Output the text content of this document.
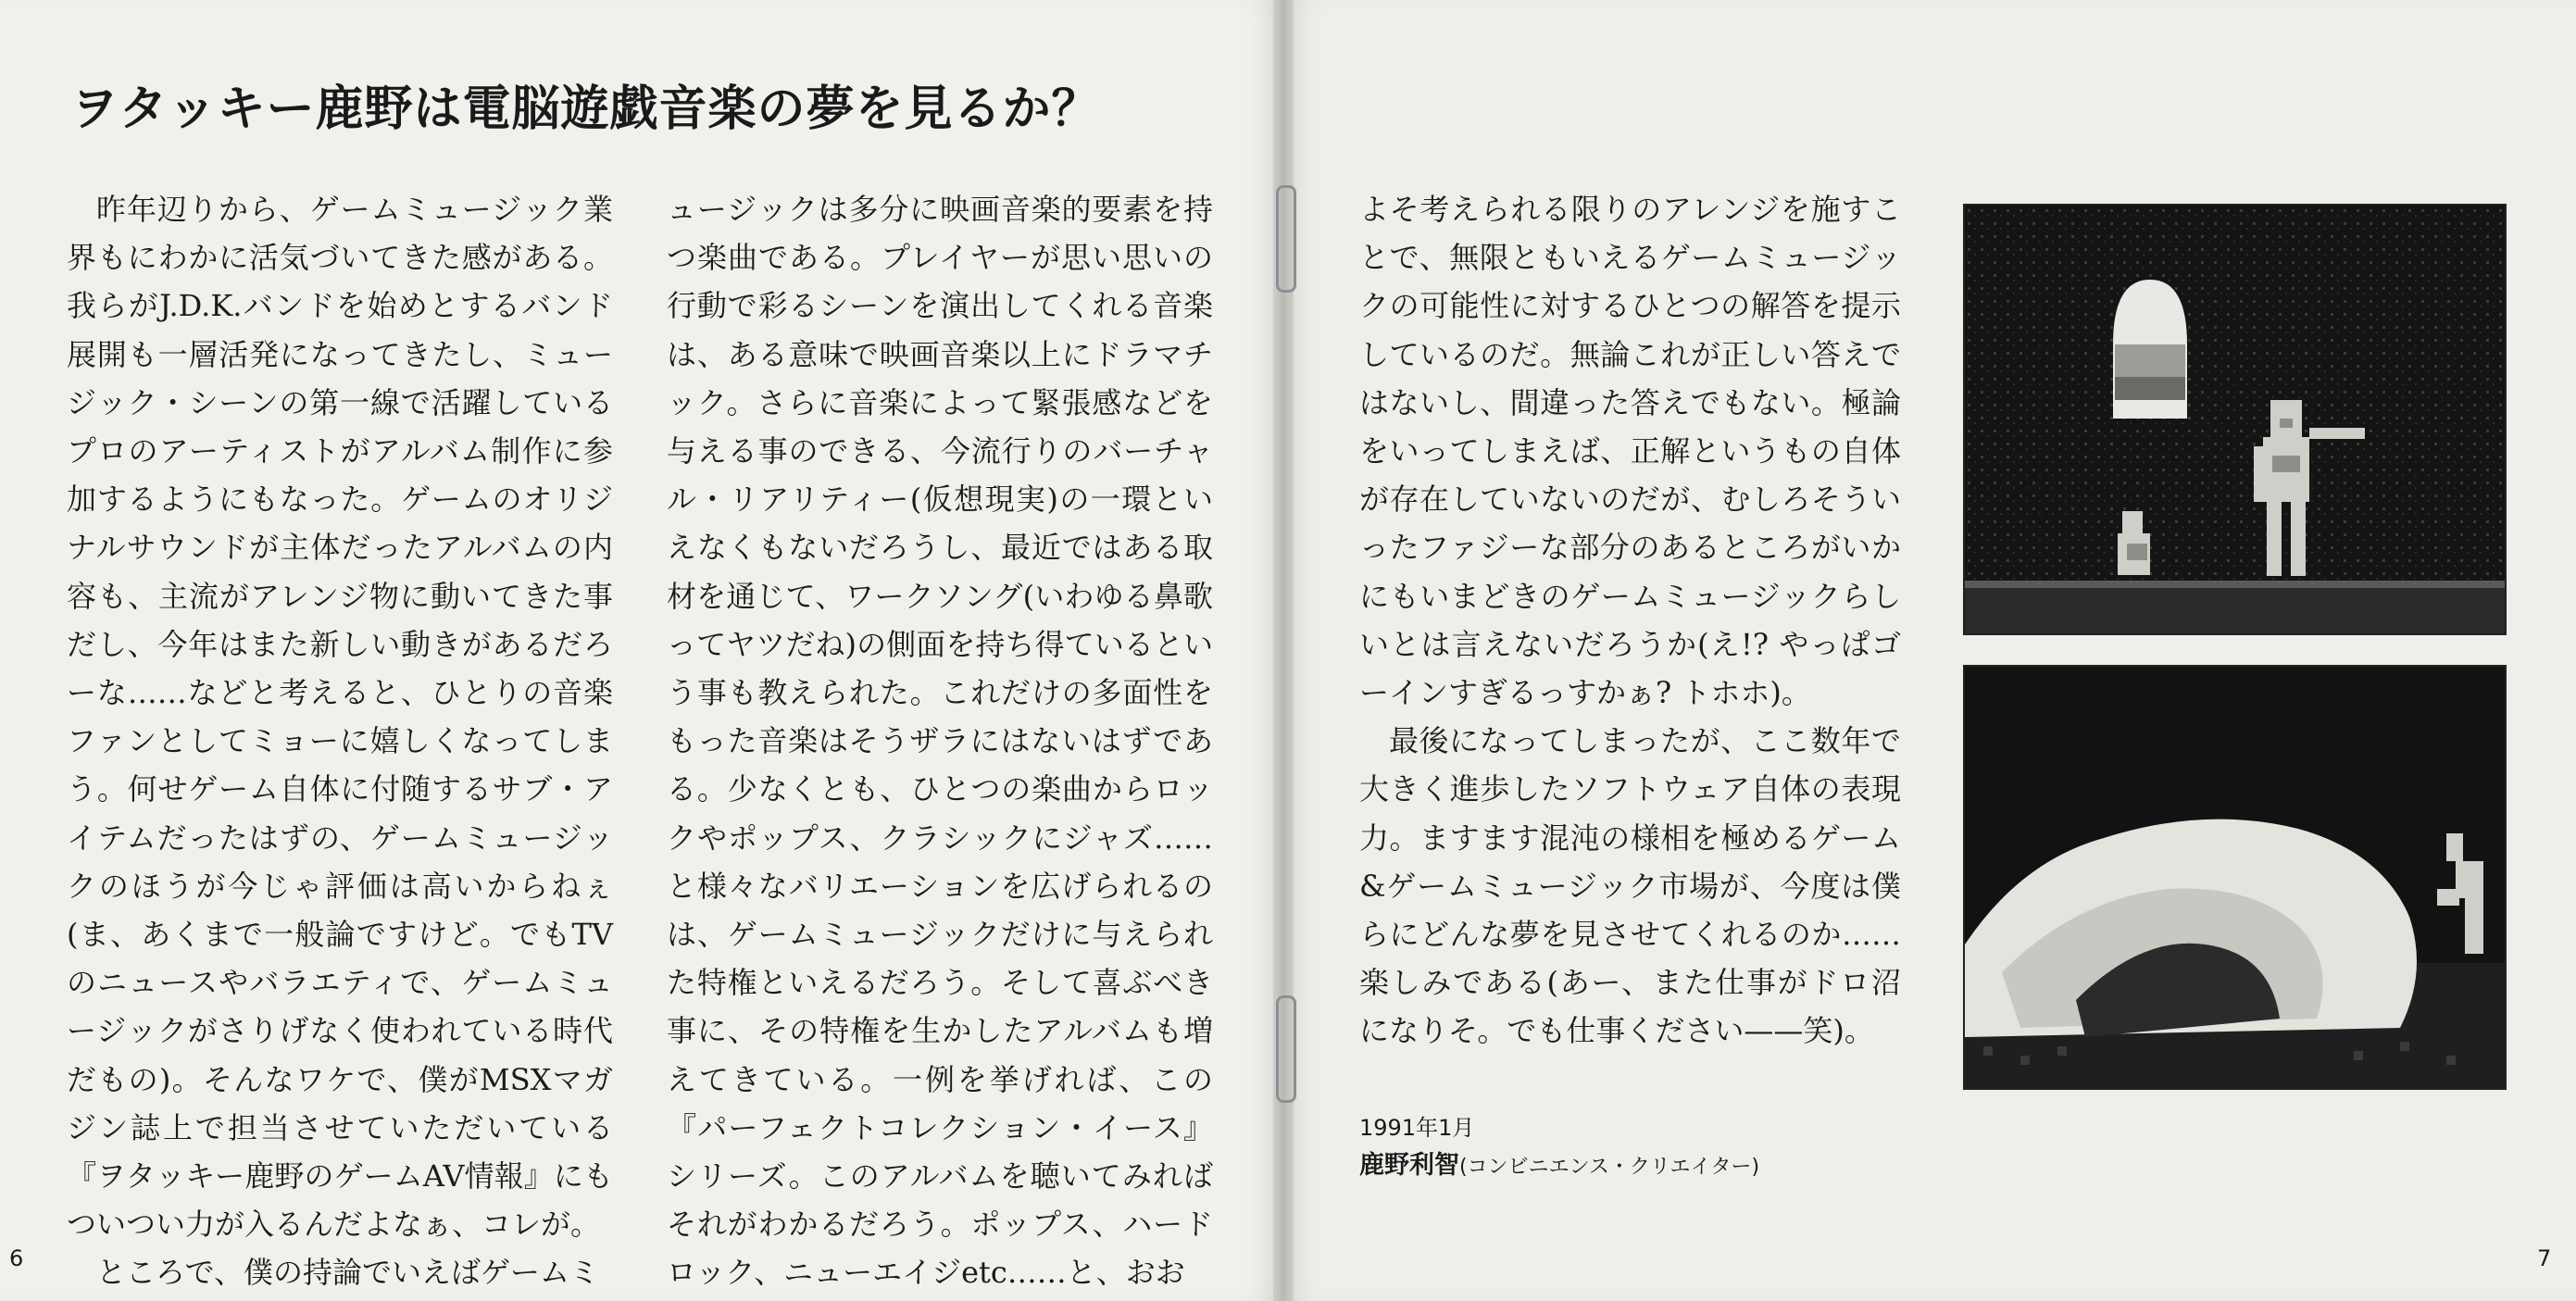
ヲタッキー鹿野は電脳遊戯音楽の夢を見るか？

昨年辺りから、ゲームミュージック業界もにわかに活気づいてきた感がある。我らがJ.D.K.バンドを始めとするバンド展開も一層活発になってきたし、ミュージック・シーンの第一線で活躍しているプロのアーティストがアルバム制作に参加するようにもなった。ゲームのオリジナルサウンドが主体だったアルバムの内容も、主流がアレンジ物に動いてきた事だし、今年はまた新しい動きがあるだろーな……などと考えると、ひとりの音楽ファンとしてミョーに嬉しくなってしまう。何せゲーム自体に付随するサブ・アイテムだったはずの、ゲームミュージックのほうが今じゃ評価は高いからねぇ(ま、あくまで一般論ですけど。でもTVのニュースやバラエティで、ゲームミュージックがさりげなく使われている時代だもの)。そんなワケで、僕がMSXマガジン誌上で担当させていただいている『ヲタッキー鹿野のゲームAV情報』にもついつい力が入るんだよなぁ、コレが。

ところで、僕の持論でいえばゲームミ

ュージックは多分に映画音楽的要素を持つ楽曲である。プレイヤーが思い思いの行動で彩るシーンを演出してくれる音楽は、ある意味で映画音楽以上にドラマチック。さらに音楽によって緊張感などを与える事のできる、今流行りのバーチャル・リアリティー(仮想現実)の一環といえなくもないだろうし、最近ではある取材を通じて、ワークソング(いわゆる鼻歌ってヤツだね)の側面を持ち得ているという事も教えられた。これだけの多面性をもった音楽はそうザラにはないはずである。少なくとも、ひとつの楽曲からロックやポップス、クラシックにジャズ……と様々なバリエーションを広げられるのは、ゲームミュージックだけに与えられた特権といえるだろう。そして喜ぶべき事に、その特権を生かしたアルバムも増えてきている。一例を挙げれば、この『パーフェクトコレクション・イース』シリーズ。このアルバムを聴いてみればそれがわかるだろう。ポップス、ハードロック、ニューエイジetc……と、おお

6

よそ考えられる限りのアレンジを施すことで、無限ともいえるゲームミュージックの可能性に対するひとつの解答を提示しているのだ。無論これが正しい答えではないし、間違った答えでもない。極論をいってしまえば、正解というもの自体が存在していないのだが、むしろそういったファジーな部分のあるところがいかにもいまどきのゲームミュージックらしいとは言えないだろうか(え!? やっぱゴーインすぎるっすかぁ? トホホ)。

最後になってしまったが、ここ数年で大きく進歩したソフトウェア自体の表現力。ますます混沌の様相を極めるゲーム&ゲームミュージック市場が、今度は僕らにどんな夢を見させてくれるのか……楽しみである(あー、また仕事がドロ沼になりそ。でも仕事ください——笑)。

1991年1月
鹿野利智(コンビニエンス・クリエイター)
7
